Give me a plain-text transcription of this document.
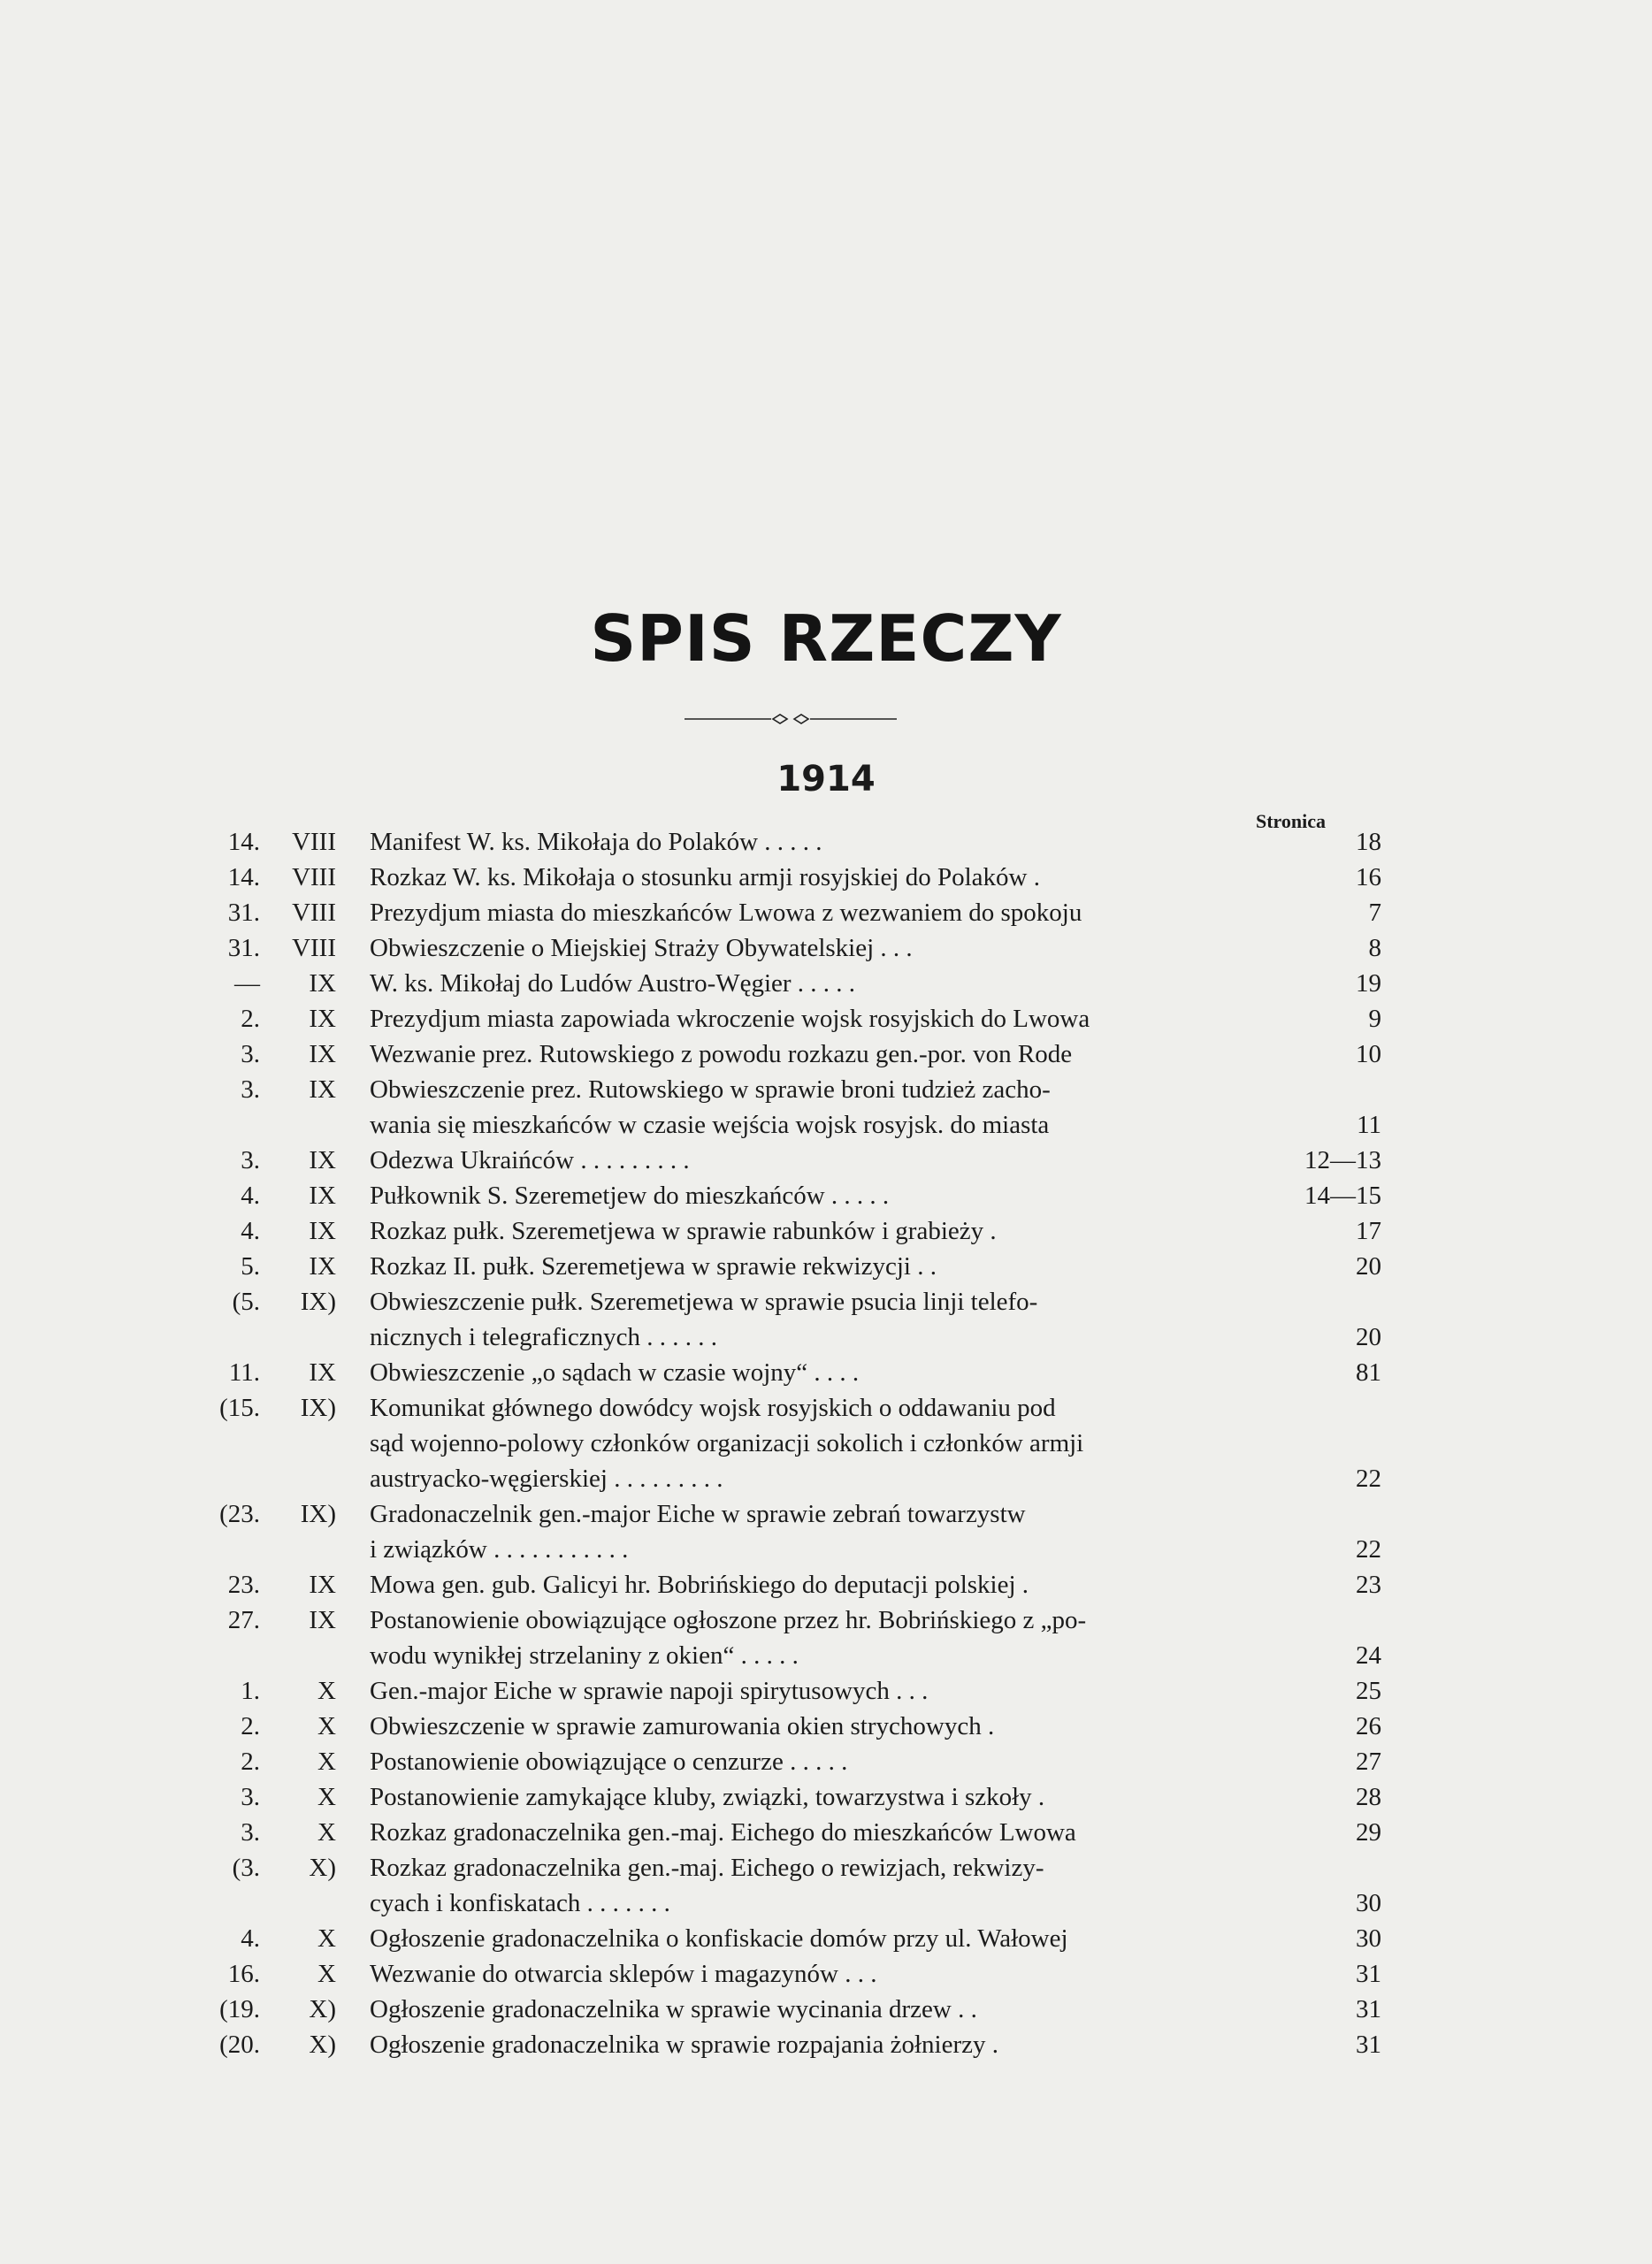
SPIS RZECZY
1914
Stronica
14.	VIII Manifest W. ks. Mikołaja do Polaków . . . . .	18
14.	VIII Rozkaz W. ks. Mikołaja o stosunku armji rosyjskiej do Polaków .	16
31.	VIII Prezydjum miasta do mieszkańców Lwowa z wezwaniem do spokoju	7
31.	VIII Obwieszczenie o Miejskiej Straży Obywatelskiej . . .	8
—	IX W. ks. Mikołaj do Ludów Austro-Węgier . . . . .	19
2.	IX Prezydjum miasta zapowiada wkroczenie wojsk rosyjskich do Lwowa	9
3.	IX Wezwanie prez. Rutowskiego z powodu rozkazu gen.-por. von Rode	10
3.	IX Obwieszczenie prez. Rutowskiego w sprawie broni tudzież zacho-
wania się mieszkańców w czasie wejścia wojsk rosyjsk. do miasta	11
3.	IX Odezwa Ukraińców . . . . . . . . .	12—13
4.	IX Pułkownik S. Szeremetjew do mieszkańców . . . . .	14—15
4.	IX Rozkaz pułk. Szeremetjewa w sprawie rabunków i grabieży .	17
5.	IX Rozkaz II. pułk. Szeremetjewa w sprawie rekwizycji . .	20
(5.	IX) Obwieszczenie pułk. Szeremetjewa w sprawie psucia linji telefo-
nicznych i telegraficznych . . . . . .	20
11.	IX Obwieszczenie „o sądach w czasie wojny“ . . . .	81
(15.	IX) Komunikat głównego dowódcy wojsk rosyjskich o oddawaniu pod
sąd wojenno-polowy członków organizacji sokolich i członków armji
austryacko-węgierskiej . . . . . . . . .	22
(23.	IX) Gradonaczelnik gen.-major Eiche w sprawie zebrań towarzystw
i związków . . . . . . . . . . .	22
23.	IX Mowa gen. gub. Galicyi hr. Bobrińskiego do deputacji polskiej .	23
27.	IX Postanowienie obowiązujące ogłoszone przez hr. Bobrińskiego z „po-
wodu wynikłej strzelaniny z okien“ . . . . .	24
1.	X Gen.-major Eiche w sprawie napoji spirytusowych . . .	25
2.	X Obwieszczenie w sprawie zamurowania okien strychowych .	26
2.	X Postanowienie obowiązujące o cenzurze . . . . .	27
3.	X Postanowienie zamykające kluby, związki, towarzystwa i szkoły .	28
3.	X Rozkaz gradonaczelnika gen.-maj. Eichego do mieszkańców Lwowa	29
(3.	X) Rozkaz gradonaczelnika gen.-maj. Eichego o rewizjach, rekwizy-
cyach i konfiskatach . . . . . . .	30
4.	X Ogłoszenie gradonaczelnika o konfiskacie domów przy ul. Wałowej	30
16.	X Wezwanie do otwarcia sklepów i magazynów . . .	31
(19.	X) Ogłoszenie gradonaczelnika w sprawie wycinania drzew . .	31
(20.	X) Ogłoszenie gradonaczelnika w sprawie rozpajania żołnierzy .	31
